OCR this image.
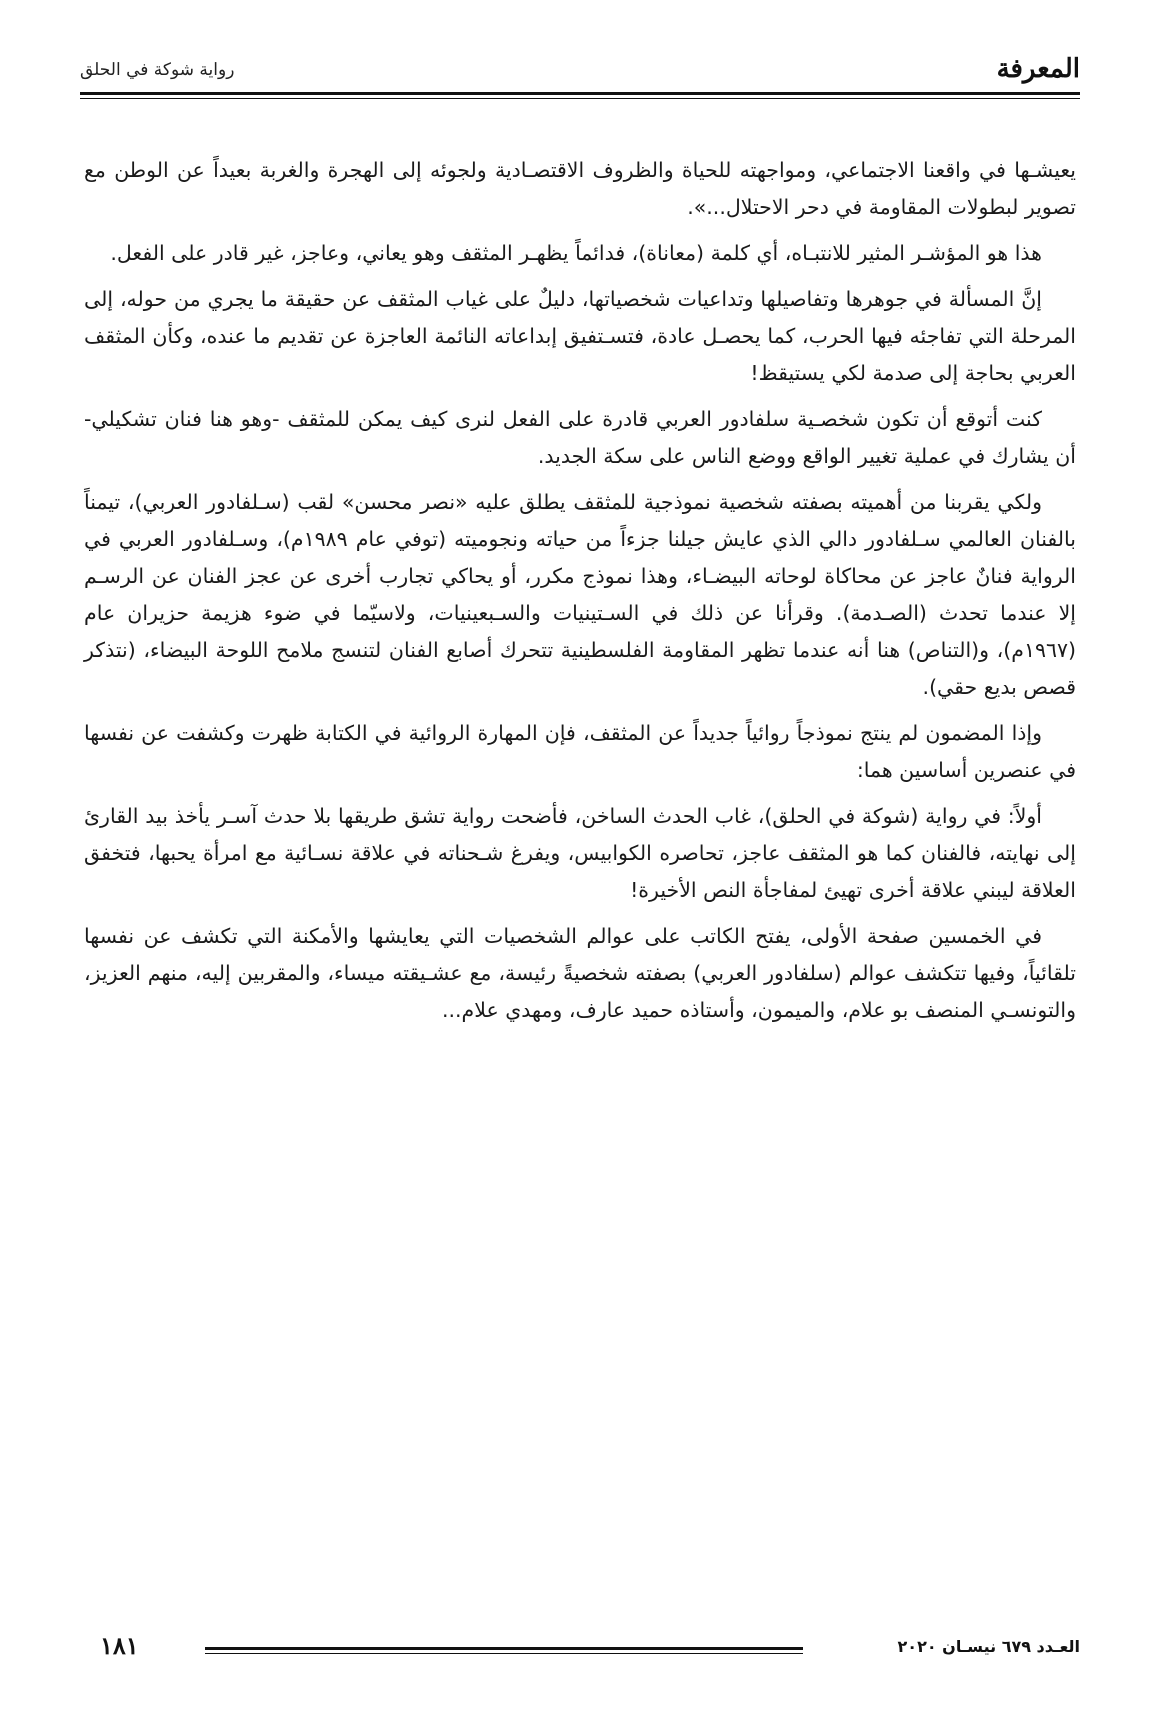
المعرفة
رواية شوكة في الحلق

يعيشـها في واقعنا الاجتماعي، ومواجهته للحياة والظروف الاقتصـادية ولجوئه إلى الهجرة والغربة بعيداً عن الوطن مع تصوير لبطولات المقاومة في دحر الاحتلال...».

هذا هو المؤشـر المثير للانتبـاه، أي كلمة (معاناة)، فدائماً يظهـر المثقف وهو يعاني، وعاجز، غير قادر على الفعل.

إنَّ المسألة في جوهرها وتفاصيلها وتداعيات شخصياتها، دليلٌ على غياب المثقف عن حقيقة ما يجري من حوله، إلى المرحلة التي تفاجئه فيها الحرب، كما يحصـل عادة، فتسـتفيق إبداعاته النائمة العاجزة عن تقديم ما عنده، وكأن المثقف العربي بحاجة إلى صدمة لكي يستيقظ!

كنت أتوقع أن تكون شخصـية سلفادور العربي قادرة على الفعل لنرى كيف يمكن للمثقف -وهو هنا فنان تشكيلي- أن يشارك في عملية تغيير الواقع ووضع الناس على سكة الجديد.

ولكي يقربنا من أهميته بصفته شخصية نموذجية للمثقف يطلق عليه «نصر محسن» لقب (سـلفادور العربي)، تيمناً بالفنان العالمي سـلفادور دالي الذي عايش جيلنا جزءاً من حياته ونجوميته (توفي عام ١٩٨٩م)، وسـلفادور العربي في الرواية فنانٌ عاجز عن محاكاة لوحاته البيضـاء، وهذا نموذج مكرر، أو يحاكي تجارب أخرى عن عجز الفنان عن الرسـم إلا عندما تحدث (الصـدمة). وقرأنا عن ذلك في السـتينيات والسـبعينيات، ولاسيّما في ضوء هزيمة حزيران عام (١٩٦٧م)، و(التناص) هنا أنه عندما تظهر المقاومة الفلسطينية تتحرك أصابع الفنان لتنسج ملامح اللوحة البيضاء، (نتذكر قصص بديع حقي).

وإذا المضمون لم ينتج نموذجاً روائياً جديداً عن المثقف، فإن المهارة الروائية في الكتابة ظهرت وكشفت عن نفسها في عنصرين أساسين هما:

أولاً: في رواية (شوكة في الحلق)، غاب الحدث الساخن، فأضحت رواية تشق طريقها بلا حدث آسـر يأخذ بيد القارئ إلى نهايته، فالفنان كما هو المثقف عاجز، تحاصره الكوابيس، ويفرغ شـحناته في علاقة نسـائية مع امرأة يحبها، فتخفق العلاقة ليبني علاقة أخرى تهيئ لمفاجأة النص الأخيرة!

في الخمسين صفحة الأولى، يفتح الكاتب على عوالم الشخصيات التي يعايشها والأمكنة التي تكشف عن نفسها تلقائياً، وفيها تتكشف عوالم (سلفادور العربي) بصفته شخصيةً رئيسة، مع عشـيقته ميساء، والمقربين إليه، منهم العزيز، والتونسـي المنصف بو علام، والميمون، وأستاذه حميد عارف، ومهدي علام...

العـدد ٦٧٩ نيسـان ٢٠٢٠
١٨١
